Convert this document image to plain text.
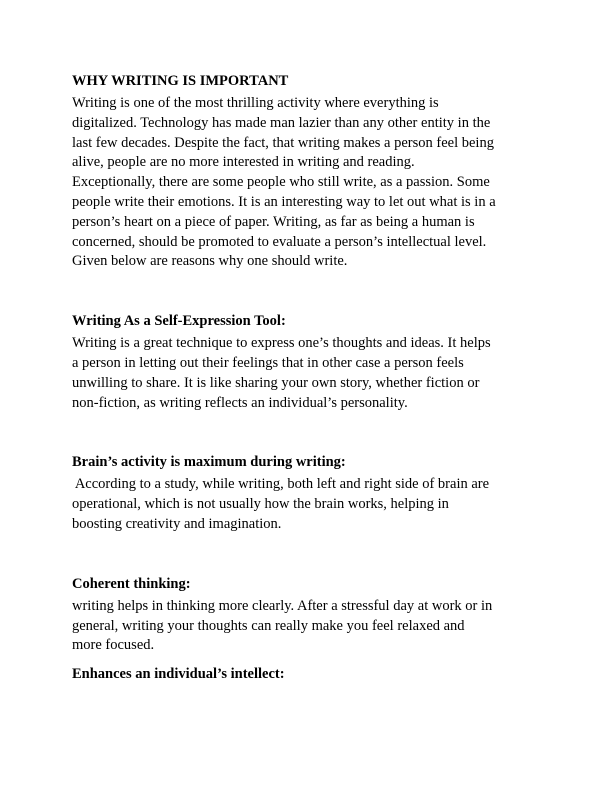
WHY WRITING IS IMPORTANT
Writing is one of the most thrilling activity where everything is
digitalized. Technology has made man lazier than any other entity in the
last few decades. Despite the fact, that writing makes a person feel being
alive, people are no more interested in writing and reading.
Exceptionally, there are some people who still write, as a passion. Some
people write their emotions. It is an interesting way to let out what is in a
person’s heart on a piece of paper. Writing, as far as being a human is
concerned, should be promoted to evaluate a person’s intellectual level.
Given below are reasons why one should write.
Writing As a Self-Expression Tool:
Writing is a great technique to express one’s thoughts and ideas. It helps
a person in letting out their feelings that in other case a person feels
unwilling to share. It is like sharing your own story, whether fiction or
non-fiction, as writing reflects an individual’s personality.
Brain’s activity is maximum during writing:
According to a study, while writing, both left and right side of brain are
operational, which is not usually how the brain works, helping in
boosting creativity and imagination.
Coherent thinking:
writing helps in thinking more clearly. After a stressful day at work or in
general, writing your thoughts can really make you feel relaxed and
more focused.
Enhances an individual’s intellect:
